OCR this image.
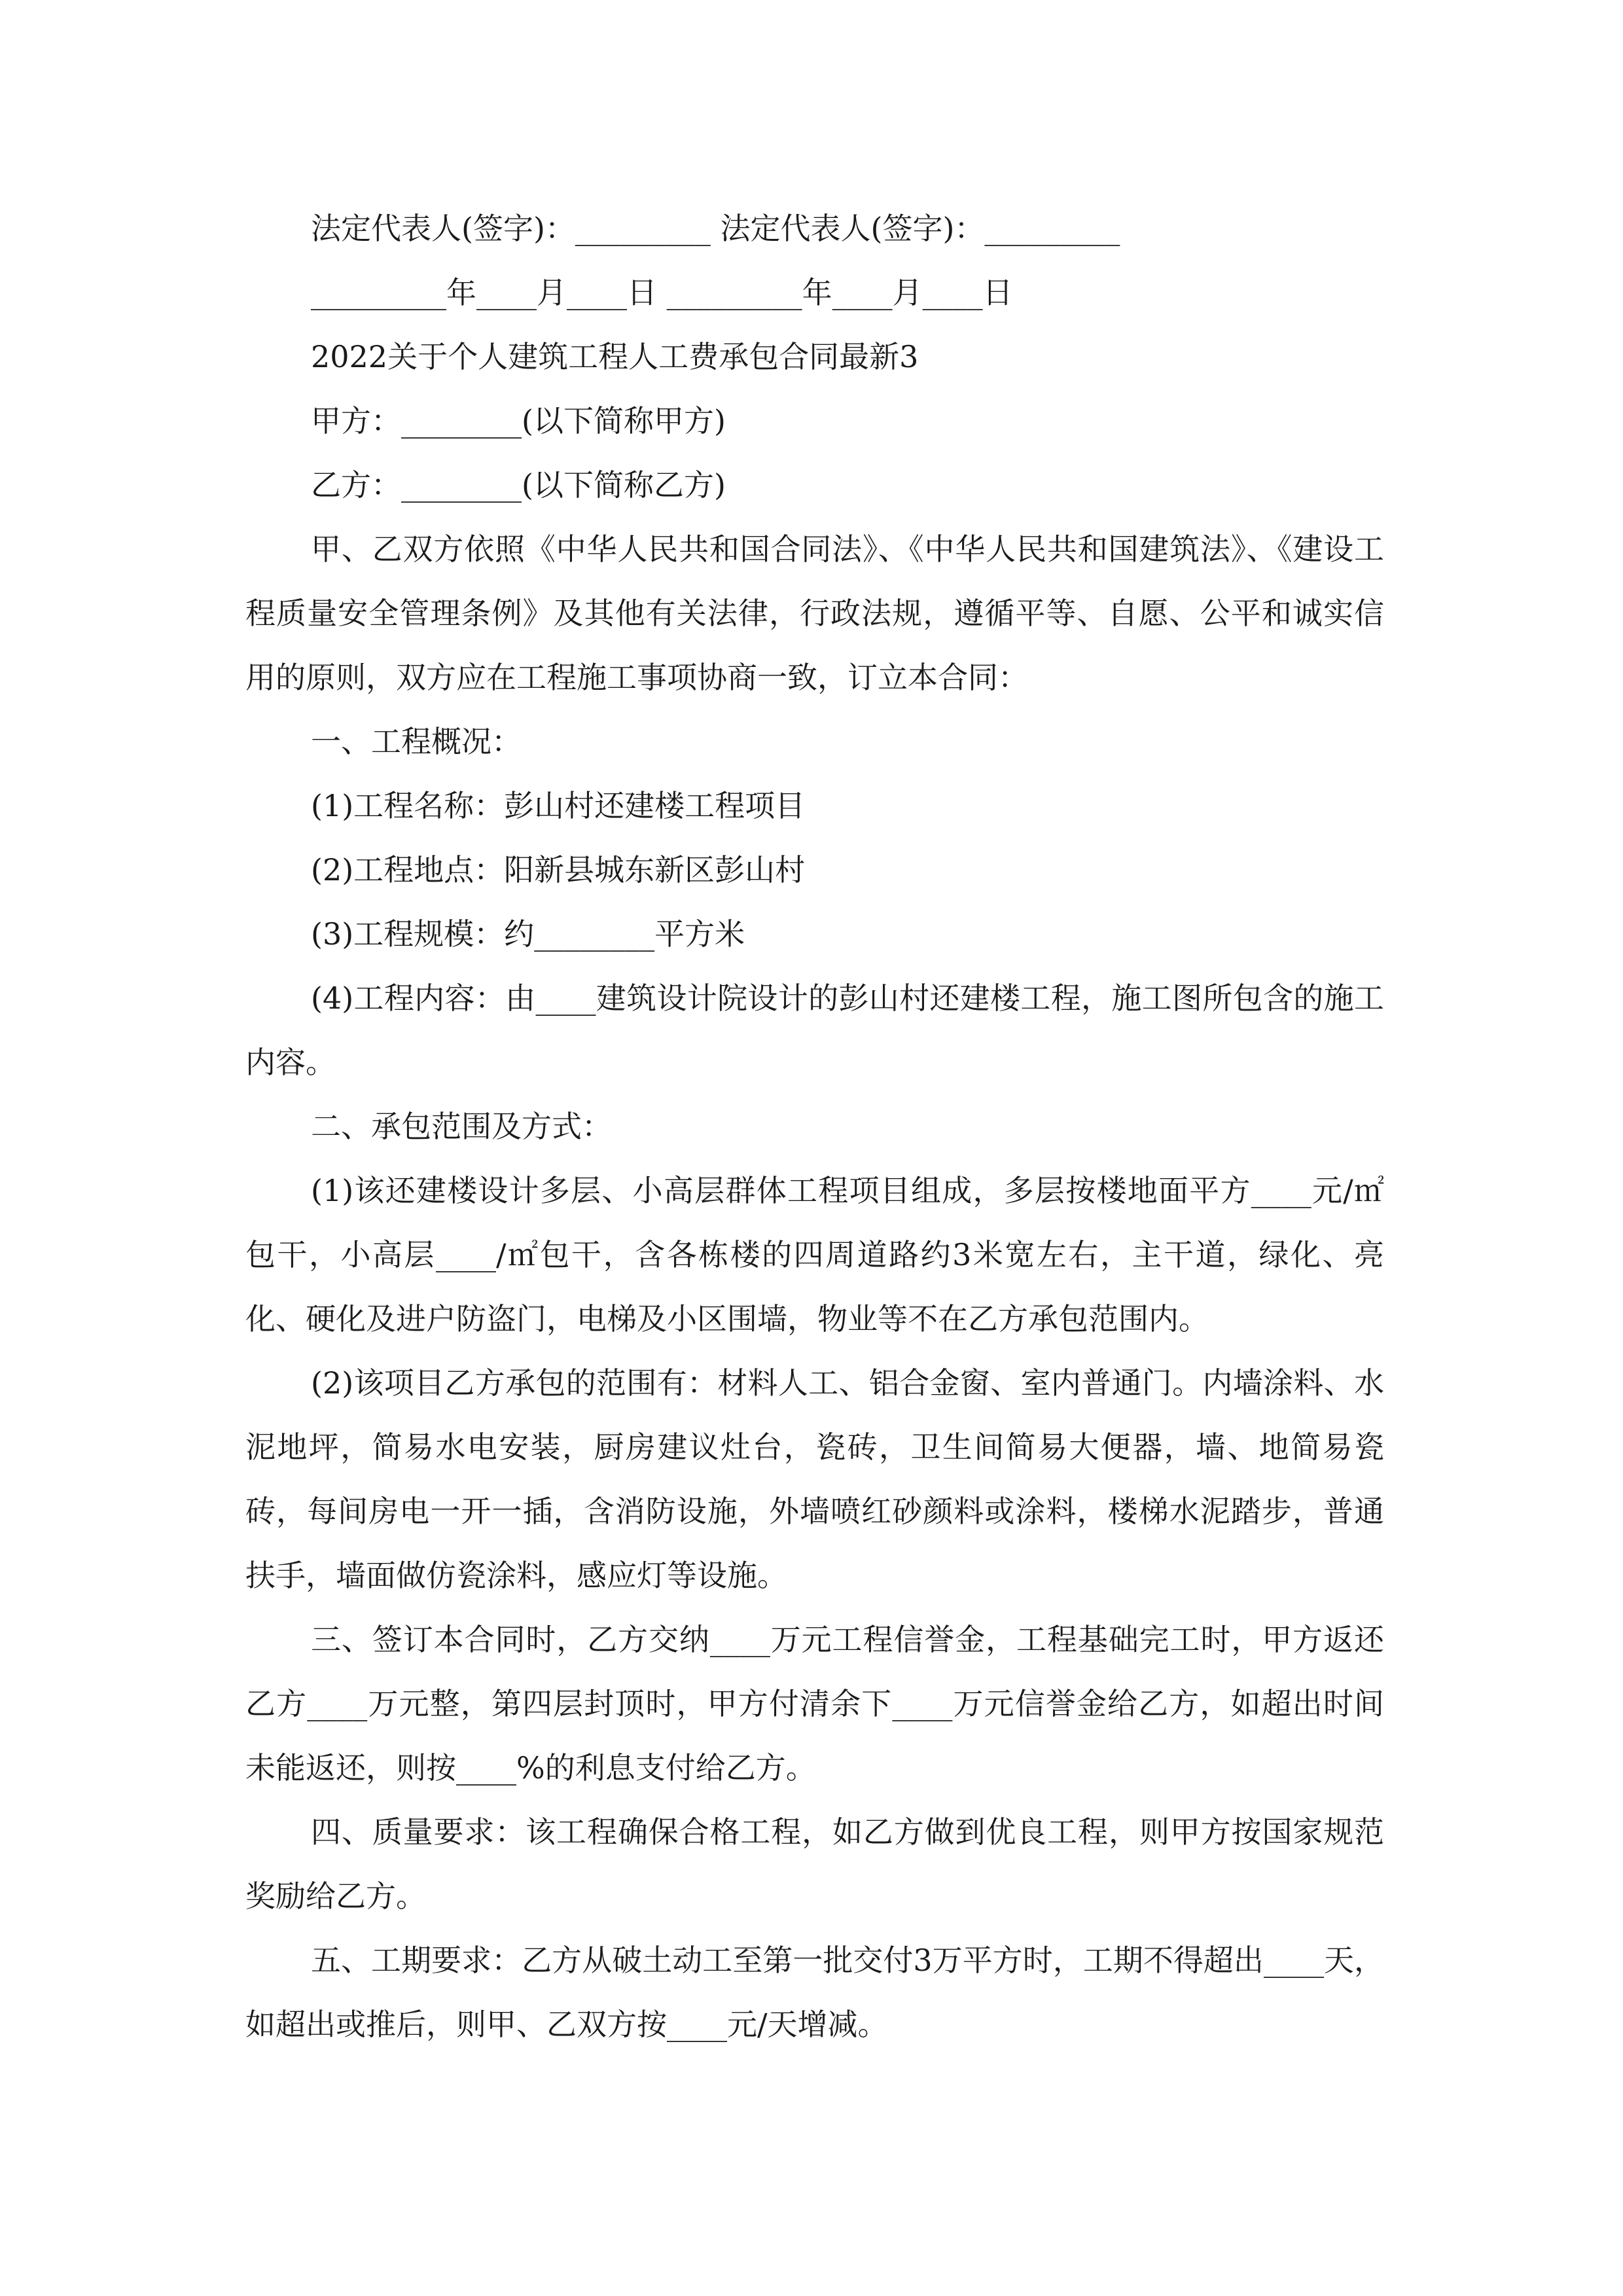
法定代表人(签字)：_________ 法定代表人(签字)：_________
_________年____月____日 _________年____月____日
2022关于个人建筑工程人工费承包合同最新3
甲方：________(以下简称甲方)
乙方：________(以下简称乙方)
甲、乙双方依照《中华人民共和国合同法》、《中华人民共和国建筑法》、《建设工程质量安全管理条例》及其他有关法律，行政法规，遵循平等、自愿、公平和诚实信用的原则，双方应在工程施工事项协商一致，订立本合同：
一、工程概况：
(1)工程名称：彭山村还建楼工程项目
(2)工程地点：阳新县城东新区彭山村
(3)工程规模：约________平方米
(4)工程内容：由____建筑设计院设计的彭山村还建楼工程，施工图所包含的施工内容。
二、承包范围及方式：
(1)该还建楼设计多层、小高层群体工程项目组成，多层按楼地面平方____元/㎡包干，小高层____/㎡包干，含各栋楼的四周道路约3米宽左右，主干道，绿化、亮化、硬化及进户防盗门，电梯及小区围墙，物业等不在乙方承包范围内。
(2)该项目乙方承包的范围有：材料人工、铝合金窗、室内普通门。内墙涂料、水泥地坪，简易水电安装，厨房建议灶台，瓷砖，卫生间简易大便器，墙、地简易瓷砖，每间房电一开一插，含消防设施，外墙喷红砂颜料或涂料，楼梯水泥踏步，普通扶手，墙面做仿瓷涂料，感应灯等设施。
三、签订本合同时，乙方交纳____万元工程信誉金，工程基础完工时，甲方返还乙方____万元整，第四层封顶时，甲方付清余下____万元信誉金给乙方，如超出时间未能返还，则按____%的利息支付给乙方。
四、质量要求：该工程确保合格工程，如乙方做到优良工程，则甲方按国家规范奖励给乙方。
五、工期要求：乙方从破土动工至第一批交付3万平方时，工期不得超出____天，如超出或推后，则甲、乙双方按____元/天增减。
